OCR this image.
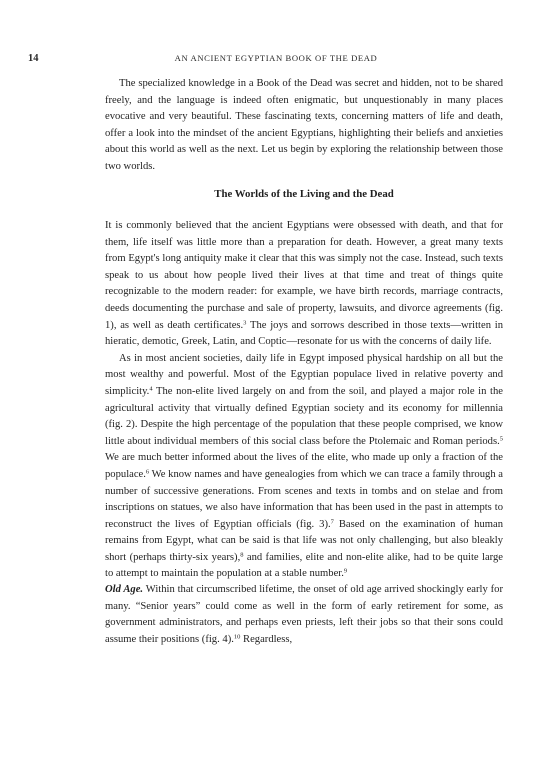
14	AN ANCIENT EGYPTIAN BOOK OF THE DEAD

The specialized knowledge in a Book of the Dead was secret and hidden, not to be shared freely, and the language is indeed often enigmatic, but unquestionably in many places evocative and very beautiful. These fascinating texts, concerning matters of life and death, offer a look into the mindset of the ancient Egyptians, highlighting their beliefs and anxieties about this world as well as the next. Let us begin by exploring the relationship between those two worlds.

The Worlds of the Living and the Dead

It is commonly believed that the ancient Egyptians were obsessed with death, and that for them, life itself was little more than a preparation for death. However, a great many texts from Egypt's long antiquity make it clear that this was simply not the case. Instead, such texts speak to us about how people lived their lives at that time and treat of things quite recognizable to the modern reader: for example, we have birth records, marriage contracts, deeds documenting the purchase and sale of property, lawsuits, and divorce agreements (fig. 1), as well as death certificates.$^3$ The joys and sorrows described in those texts—written in hieratic, demotic, Greek, Latin, and Coptic—resonate for us with the concerns of daily life.

As in most ancient societies, daily life in Egypt imposed physical hardship on all but the most wealthy and powerful. Most of the Egyptian populace lived in relative poverty and simplicity.$^4$ The non-elite lived largely on and from the soil, and played a major role in the agricultural activity that virtually defined Egyptian society and its economy for millennia (fig. 2). Despite the high percentage of the population that these people comprised, we know little about individual members of this social class before the Ptolemaic and Roman periods.$^5$ We are much better informed about the lives of the elite, who made up only a fraction of the populace.$^6$ We know names and have genealogies from which we can trace a family through a number of successive generations. From scenes and texts in tombs and on stelae and from inscriptions on statues, we also have information that has been used in the past in attempts to reconstruct the lives of Egyptian officials (fig. 3).$^7$ Based on the examination of human remains from Egypt, what can be said is that life was not only challenging, but also bleakly short (perhaps thirty-six years),$^8$ and families, elite and non-elite alike, had to be quite large to attempt to maintain the population at a stable number.$^9$

Old Age. Within that circumscribed lifetime, the onset of old age arrived shockingly early for many. “Senior years” could come as well in the form of early retirement for some, as government administrators, and perhaps even priests, left their jobs so that their sons could assume their positions (fig. 4).$^{10}$ Regardless,
